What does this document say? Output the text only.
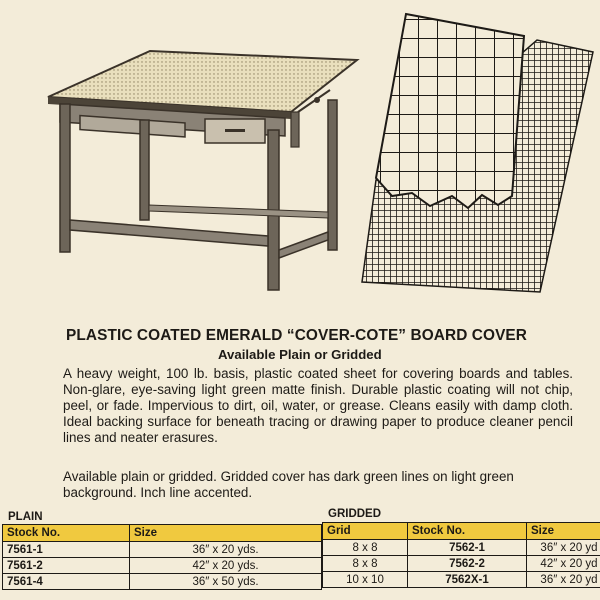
PLASTIC COATED EMERALD “COVER-COTE” BOARD COVER
Available Plain or Gridded

A heavy weight, 100 lb. basis, plastic coated sheet for covering boards and tables. Non-glare, eye-saving light green matte finish. Durable plastic coating will not chip, peel, or fade. Impervious to dirt, oil, water, or grease. Cleans easily with damp cloth. Ideal backing surface for beneath tracing or drawing paper to produce cleaner pencil lines and neater erasures.

Available plain or gridded. Gridded cover has dark green lines on light green background. Inch line accented.

PLAIN
Stock No.	Size
7561-1	36″ x 20 yds.
7561-2	42″ x 20 yds.
7561-4	36″ x 50 yds.
GRIDDED
Grid	Stock No.	Size
8 x 8	7562-1	36″ x 20 yd
8 x 8	7562-2	42″ x 20 yd
10 x 10	7562X-1	36″ x 20 yd
